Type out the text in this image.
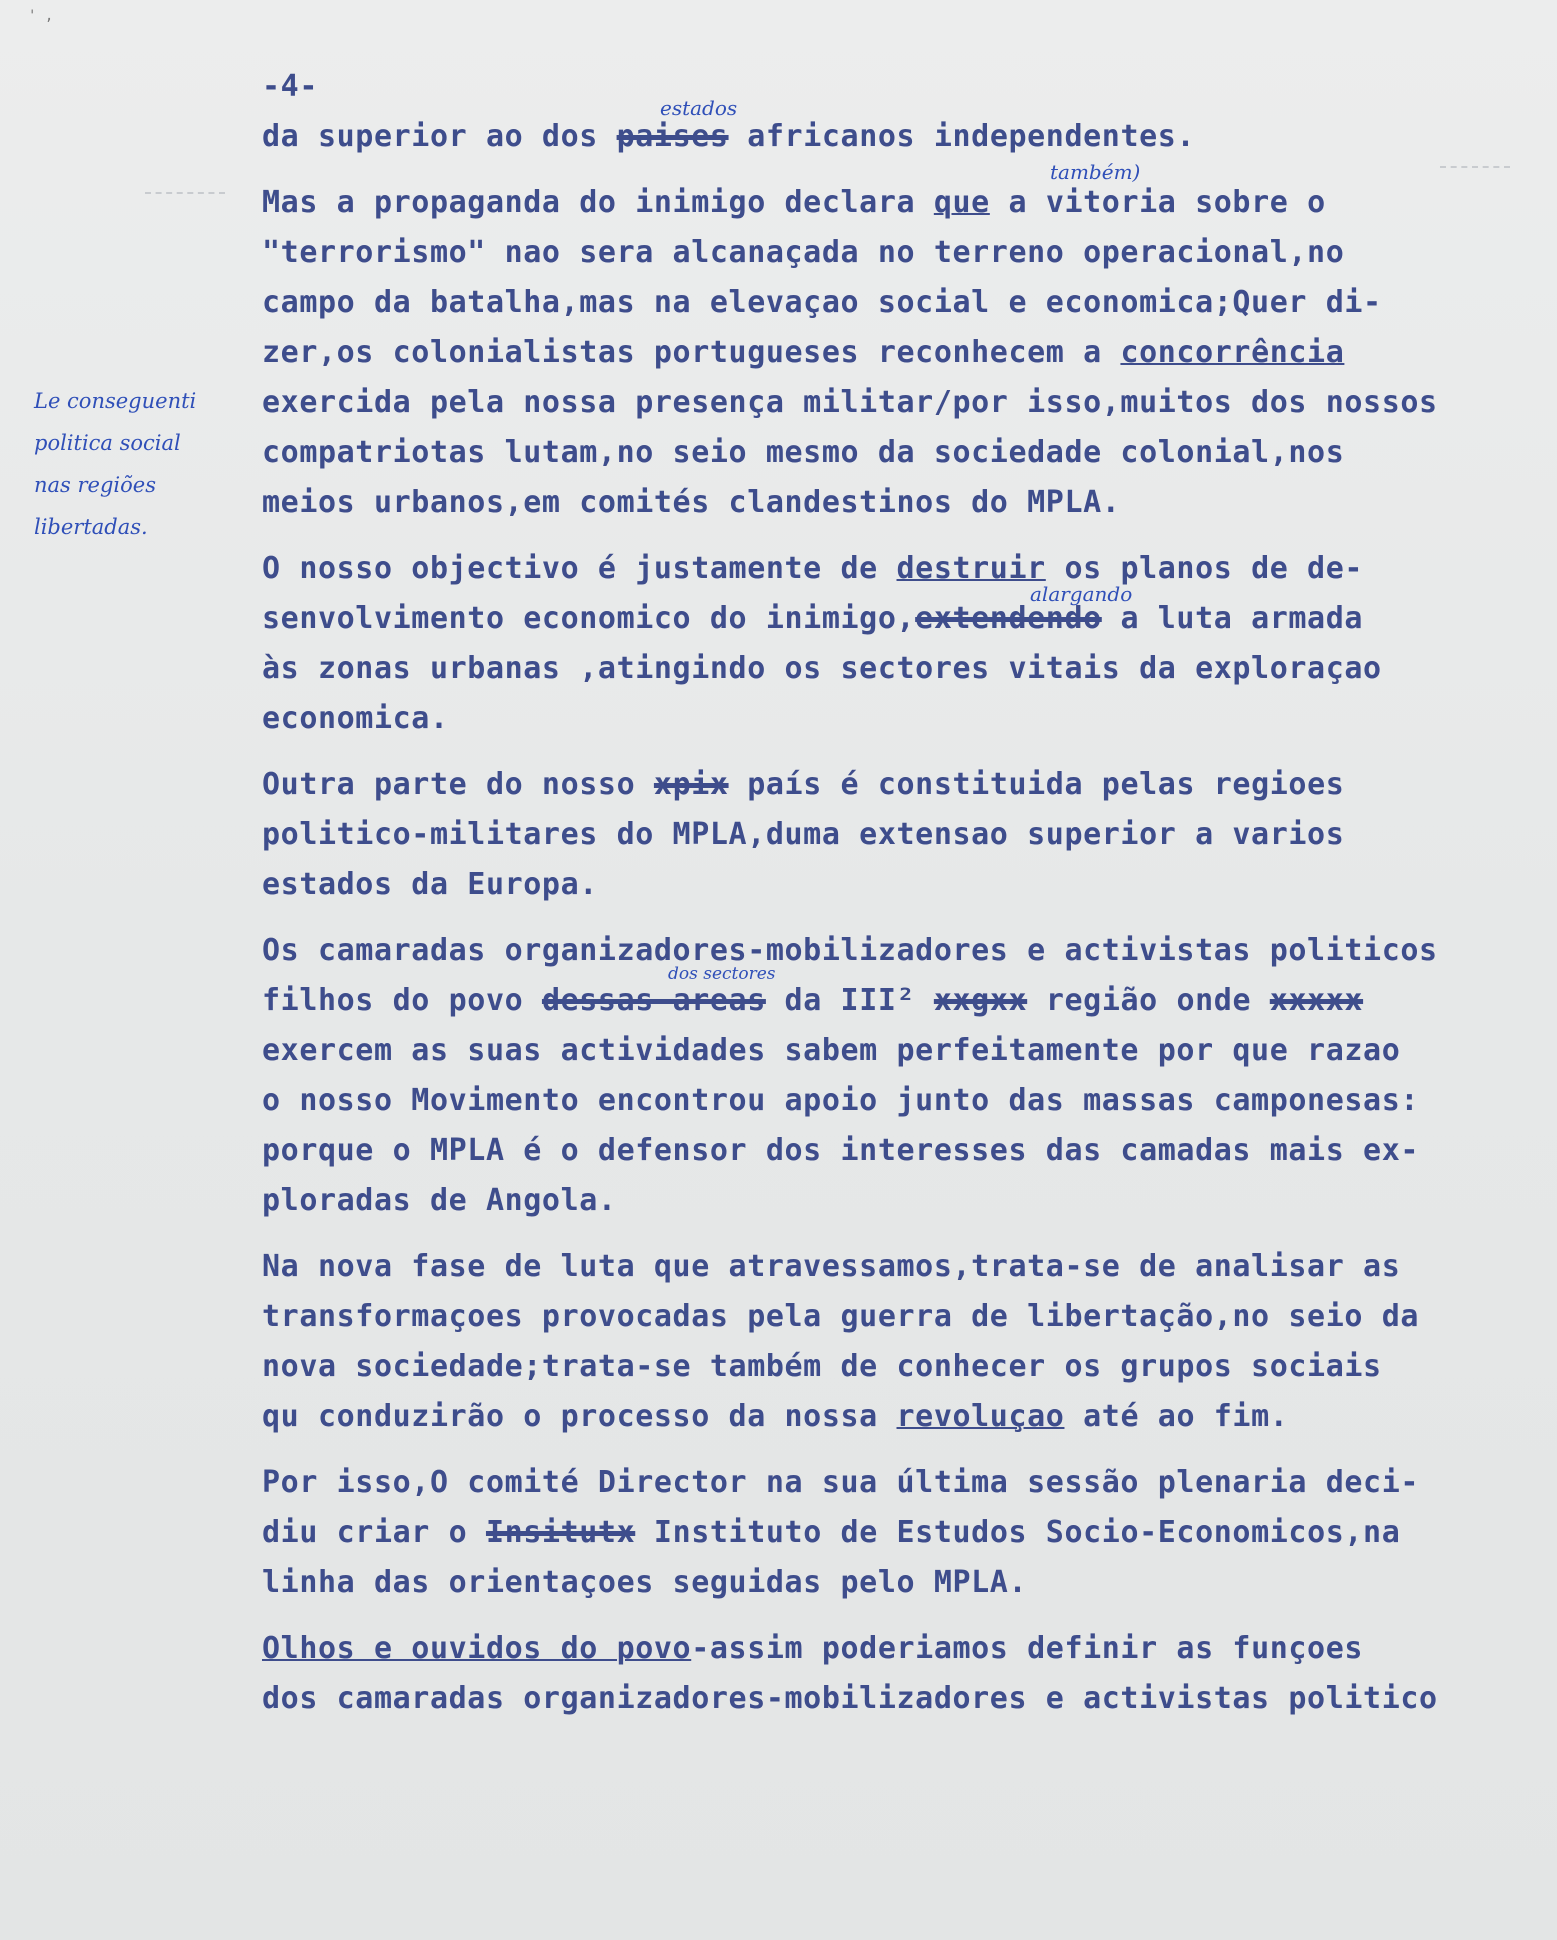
' ,
-4-
da superior ao dos paises africanos independentes.
Mas a propaganda do inimigo declara que a vitoria sobre o
"terrorismo" nao sera alcanaçada no terreno operacional,no
campo da batalha,mas na elevaçao social e economica;Quer di-
zer,os colonialistas portugueses reconhecem a concorrência
exercida pela nossa presença militar/por isso,muitos dos nossos
compatriotas lutam,no seio mesmo da sociedade colonial,nos
meios urbanos,em comités clandestinos do MPLA.
O nosso objectivo é justamente de destruir os planos de de-
senvolvimento economico do inimigo,extendendo a luta armada
às zonas urbanas ,atingindo os sectores vitais da exploraçao
economica.
Outra parte do nosso xpix país é constituida pelas regioes
politico-militares do MPLA,duma extensao superior a varios
estados da Europa.
Os camaradas organizadores-mobilizadores e activistas politicos
filhos do povo dessas areas da III² xxgxx região onde xxxxx
exercem as suas actividades sabem perfeitamente por que razao
o nosso Movimento encontrou apoio junto das massas camponesas:
porque o MPLA é o defensor dos interesses das camadas mais ex-
ploradas de Angola.
Na nova fase de luta que atravessamos,trata-se de analisar as
transformaçoes provocadas pela guerra de libertação,no seio da
nova sociedade;trata-se também de conhecer os grupos sociais
qu conduzirão o processo da nossa revoluçao até ao fim.
Por isso,O comité Director na sua última sessão plenaria deci-
diu criar o Insitutx Instituto de Estudos Socio-Economicos,na
linha das orientaçoes seguidas pelo MPLA.
Olhos e ouvidos do povo-assim poderiamos definir as funçoes
dos camaradas organizadores-mobilizadores e activistas politico
estados
também)
alargando
dos sectores
Le conseguenti
politica social
nas regiões
libertadas.
